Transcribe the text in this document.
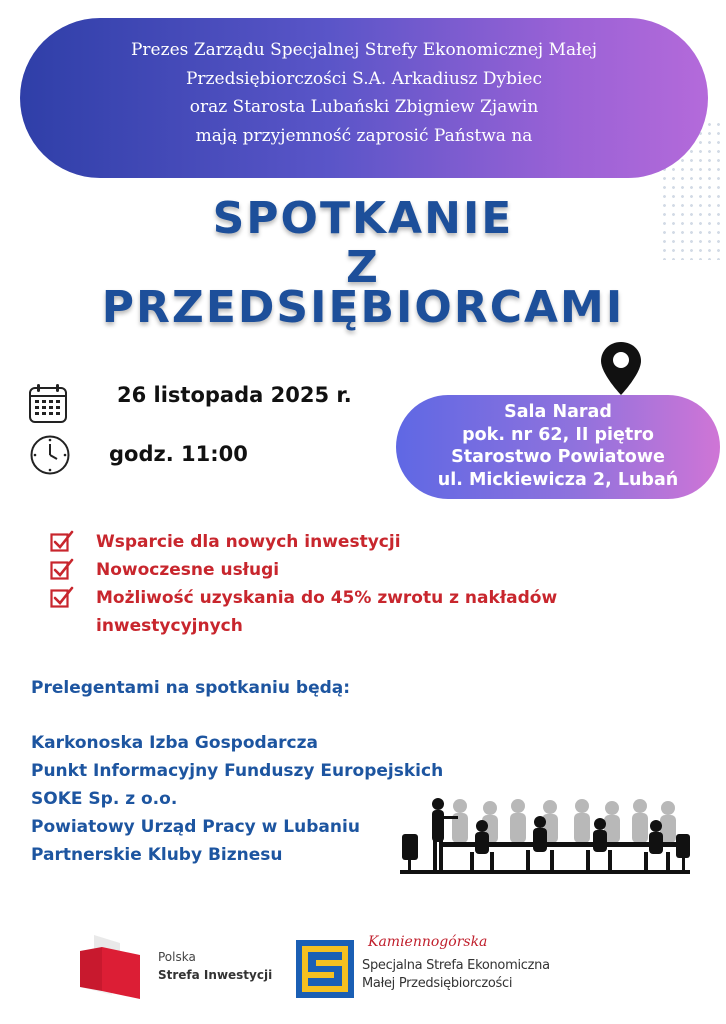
Prezes Zarządu Specjalnej Strefy Ekonomicznej Małej
Przedsiębiorczości S.A. Arkadiusz Dybiec
oraz Starosta Lubański Zbigniew Zjawin
mają przyjemność zaprosić Państwa na
SPOTKANIE
Z
PRZEDSIĘBIORCAMI
26 listopada 2025 r.
godz. 11:00
Sala Narad
pok. nr 62, II piętro
Starostwo Powiatowe
ul. Mickiewicza 2, Lubań
Wsparcie dla nowych inwestycji
Nowoczesne usługi
Możliwość uzyskania do 45% zwrotu z nakładów
inwestycyjnych
Prelegentami na spotkaniu będą:
Karkonoska Izba Gospodarcza
Punkt Informacyjny Funduszy Europejskich
SOKE Sp. z o.o.
Powiatowy Urząd Pracy w Lubaniu
Partnerskie Kluby Biznesu
Polska
Strefa Inwestycji
Kamiennogórska
Specjalna Strefa Ekonomiczna
Małej Przedsiębiorczości
